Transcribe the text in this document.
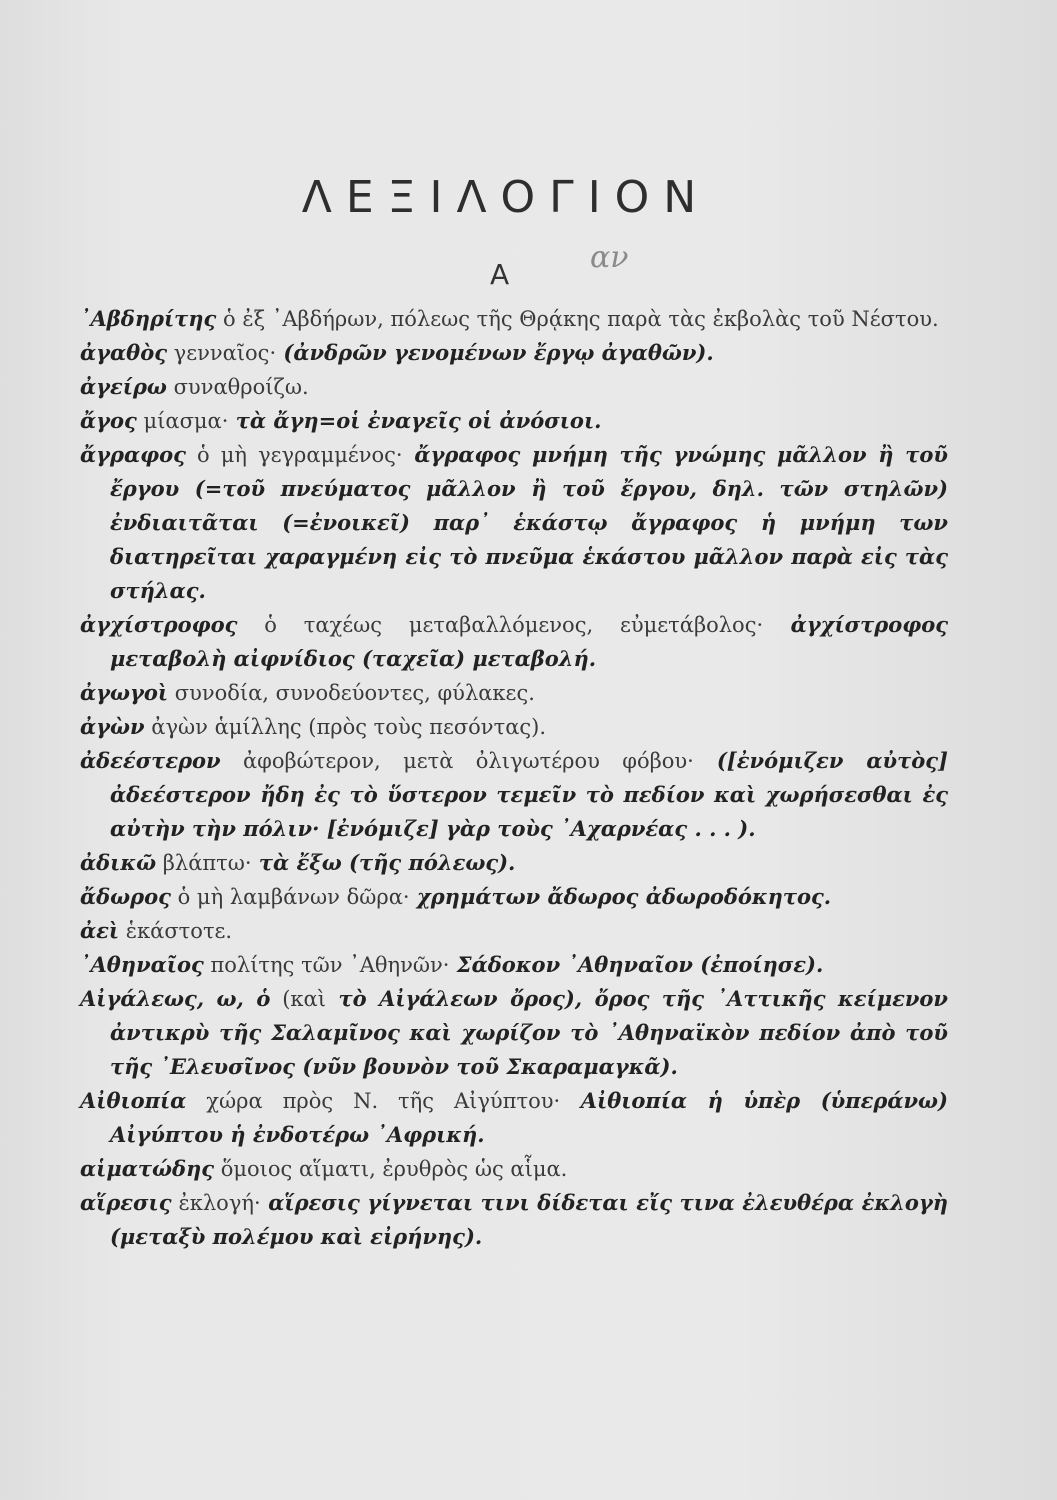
ΛΕΞΙΛΟΓΙΟΝ
αν
Α

᾿Αβδηρίτης ὁ ἐξ ᾿Αβδήρων, πόλεως τῆς Θρᾴκης παρὰ τὰς ἐκβολὰς τοῦ Νέστου.

ἀγαθὸς γενναῖος· (ἀνδρῶν γενομένων ἔργῳ ἀγαθῶν).

ἀγείρω συναθροίζω.

ἄγος μίασμα· τὰ ἄγη=οἱ ἐναγεῖς οἱ ἀνόσιοι.

ἄγραφος ὁ μὴ γεγραμμένος· ἄγραφος μνήμη τῆς γνώμης μᾶλλον ἢ τοῦ ἔργου (=τοῦ πνεύματος μᾶλλον ἢ τοῦ ἔργου, δηλ. τῶν στηλῶν) ἐνδιαιτᾶται (=ἐνοικεῖ) παρ᾿ ἑκάστῳ ἄγραφος ἡ μνήμη των διατηρεῖται χαραγμένη εἰς τὸ πνεῦμα ἑκάστου μᾶλλον παρὰ εἰς τὰς στήλας.

ἀγχίστροφος ὁ ταχέως μεταβαλλόμενος, εὐμετάβολος· ἀγχίστροφος μεταβολὴ αἰφνίδιος (ταχεῖα) μεταβολή.

ἀγωγοὶ συνοδία, συνοδεύοντες, φύλακες.

ἀγὼν ἀγὼν ἁμίλλης (πρὸς τοὺς πεσόντας).

ἀδεέστερον ἀφοβώτερον, μετὰ ὀλιγωτέρου φόβου· ([ἐνόμιζεν αὐτὸς] ἀδεέστερον ἤδη ἐς τὸ ὕστερον τεμεῖν τὸ πεδίον καὶ χωρήσεσθαι ἐς αὐτὴν τὴν πόλιν· [ἐνόμιζε] γὰρ τοὺς ᾿Αχαρνέας . . . ).

ἀδικῶ βλάπτω· τὰ ἔξω (τῆς πόλεως).

ἄδωρος ὁ μὴ λαμβάνων δῶρα· χρημάτων ἄδωρος ἀδωροδόκητος.

ἀεὶ ἑκάστοτε.

᾿Αθηναῖος πολίτης τῶν ᾿Αθηνῶν· Σάδοκον ᾿Αθηναῖον (ἐποίησε).

Αἰγάλεως, ω, ὁ (καὶ τὸ Αἰγάλεων ὄρος), ὄρος τῆς ᾿Αττικῆς κείμενον ἀντικρὺ τῆς Σαλαμῖνος καὶ χωρίζον τὸ ᾿Αθηναϊκὸν πεδίον ἀπὸ τοῦ τῆς ᾿Ελευσῖνος (νῦν βουνὸν τοῦ Σκαραμαγκᾶ).

Αἰθιοπία χώρα πρὸς Ν. τῆς Αἰγύπτου· Αἰθιοπία ἡ ὑπὲρ (ὑπεράνω) Αἰγύπτου ἡ ἐνδοτέρω ᾿Αφρική.

αἱματώδης ὅμοιος αἵματι, ἐρυθρὸς ὡς αἷμα.

αἵρεσις ἐκλογή· αἵρεσις γίγνεται τινι δίδεται εἴς τινα ἐλευθέρα ἐκλογὴ (μεταξὺ πολέμου καὶ εἰρήνης).
